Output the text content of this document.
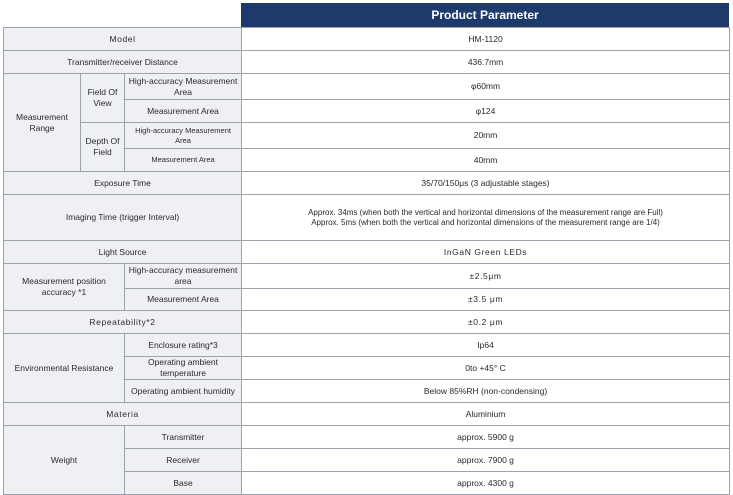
Product Parameter
Model			HM-1120
Transmitter/receiver Distance			436.7mm
Measurement Range	Field Of View	High-accuracy Measurement Area	φ60mm
		Measurement Area	φ124
	Depth Of Field	High-accuracy Measurement Area	20mm
		Measurement Area	40mm
Exposure Time			35/70/150μs (3 adjustable stages)
Imaging Time (trigger Interval)			Approx. 34ms (when both the vertical and horizontal dimensions of the measurement range are Full)
Approx. 5ms (when both the vertical and horizontal dimensions of the measurement range are 1/4)

Light Source			InGaN Green LEDs
Measurement position accuracy *1		High-accuracy measurement area	±2.5μm
		Measurement Area	±3.5 μm
Repeatability*2			±0.2 μm
Environmental Resistance		Enclosure rating*3	Ip64
		Operating ambient temperature	0to +45° C
		Operating ambient humidity	Below 85%RH (non-condensing)
Materia			Aluminium
Weight		Transmitter	approx. 5900 g
		Receiver	approx. 7900 g
		Base	approx. 4300 g
